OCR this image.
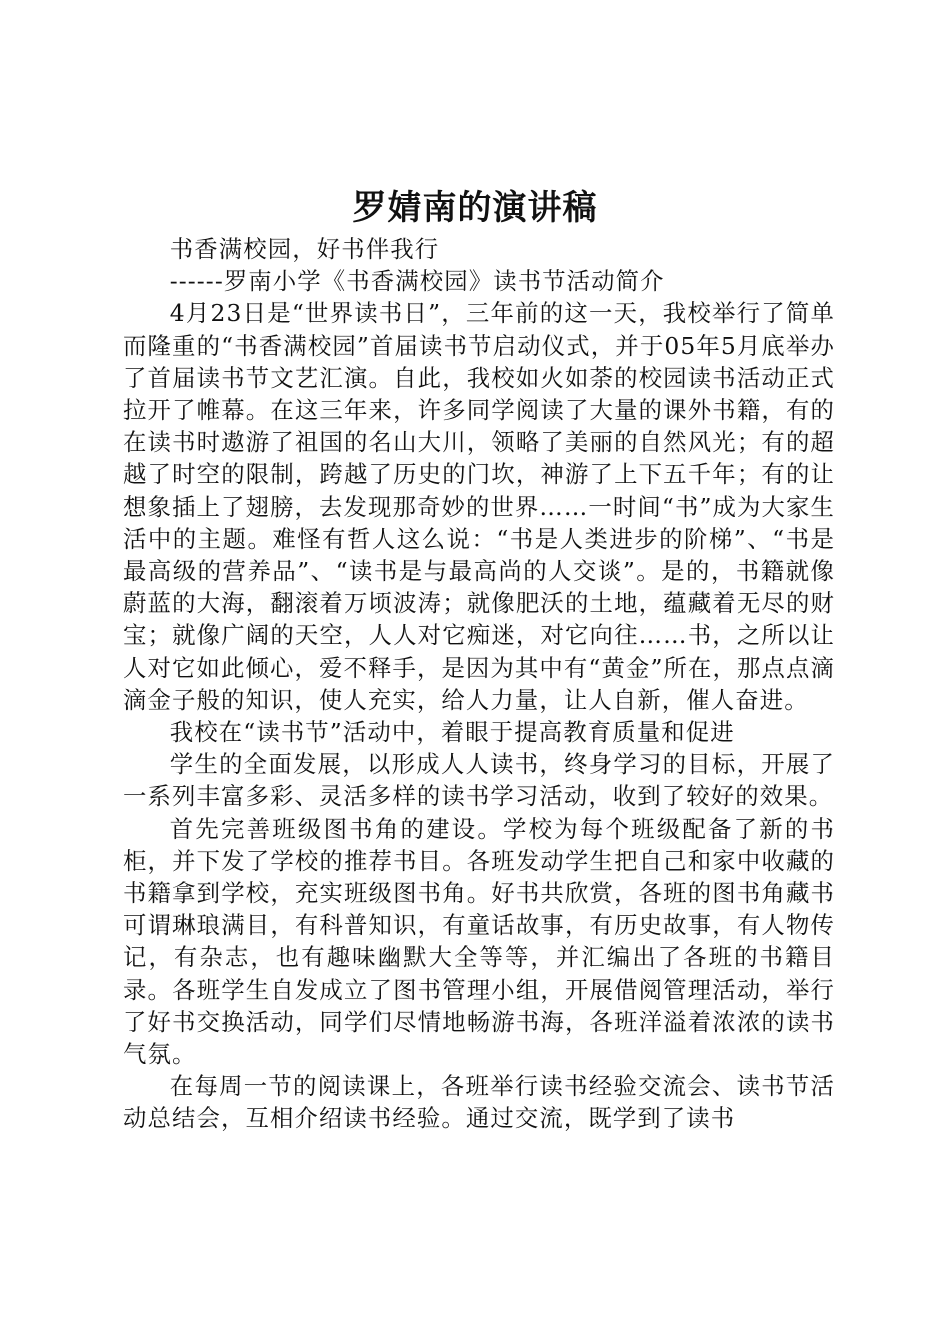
罗婧南的演讲稿

书香满校园，好书伴我行

------罗南小学《书香满校园》读书节活动简介

4月23日是“世界读书日”，三年前的这一天，我校举行了简单而隆重的“书香满校园”首届读书节启动仪式，并于05年5月底举办了首届读书节文艺汇演。自此，我校如火如荼的校园读书活动正式拉开了帷幕。在这三年来，许多同学阅读了大量的课外书籍，有的在读书时遨游了祖国的名山大川，领略了美丽的自然风光；有的超越了时空的限制，跨越了历史的门坎，神游了上下五千年；有的让想象插上了翅膀，去发现那奇妙的世界……一时间“书”成为大家生活中的主题。难怪有哲人这么说：“书是人类进步的阶梯”、“书是最高级的营养品”、“读书是与最高尚的人交谈”。是的，书籍就像蔚蓝的大海，翻滚着万顷波涛；就像肥沃的土地，蕴藏着无尽的财宝；就像广阔的天空，人人对它痴迷，对它向往……书，之所以让人对它如此倾心，爱不释手，是因为其中有“黄金”所在，那点点滴滴金子般的知识，使人充实，给人力量，让人自新，催人奋进。

我校在“读书节”活动中，着眼于提高教育质量和促进

学生的全面发展，以形成人人读书，终身学习的目标，开展了一系列丰富多彩、灵活多样的读书学习活动，收到了较好的效果。

首先完善班级图书角的建设。学校为每个班级配备了新的书柜，并下发了学校的推荐书目。各班发动学生把自己和家中收藏的书籍拿到学校，充实班级图书角。好书共欣赏，各班的图书角藏书可谓琳琅满目，有科普知识，有童话故事，有历史故事，有人物传记，有杂志，也有趣味幽默大全等等，并汇编出了各班的书籍目录。各班学生自发成立了图书管理小组，开展借阅管理活动，举行了好书交换活动，同学们尽情地畅游书海，各班洋溢着浓浓的读书气氛。

在每周一节的阅读课上，各班举行读书经验交流会、读书节活动总结会，互相介绍读书经验。通过交流，既学到了读书
